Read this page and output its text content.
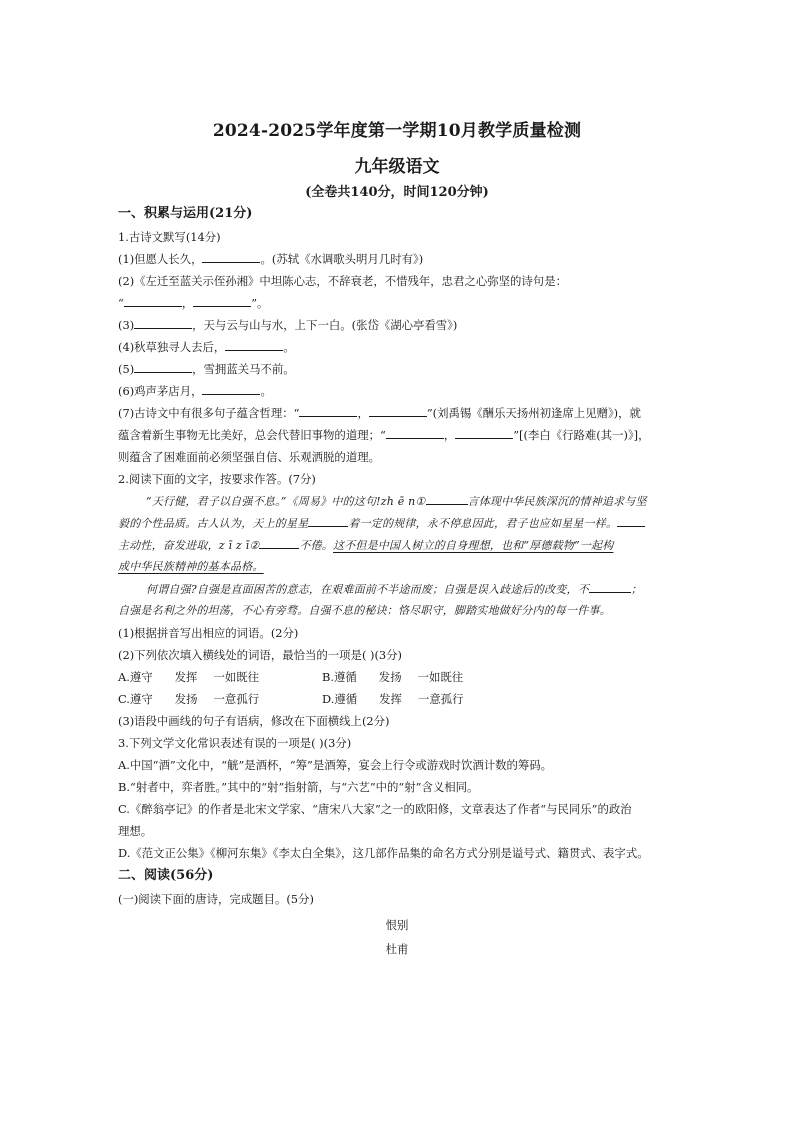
2024-2025学年度第一学期10月教学质量检测
九年级语文
(全卷共140分，时间120分钟)
一、积累与运用(21分)
1.古诗文默写(14分)
(1)但愿人长久，	。(苏轼《水调歌头明月几时有》)
(2)《左迁至蓝关示侄孙湘》中坦陈心志，不辞衰老，不惜残年，忠君之心弥坚的诗句是：
“	，	”。
(3)	，天与云与山与水，上下一白。(张岱《湖心亭看雪》)
(4)秋草独寻人去后，	。
(5)	，雪拥蓝关马不前。
(6)鸡声茅店月，	。
(7)古诗文中有很多句子蕴含哲理：“	，	”(刘禹锡《酬乐天扬州初逢席上见赠》)，就
蕴含着新生事物无比美好，总会代替旧事物的道理；“	，	”[(李白《行路难(其一)》]，
则蕴含了困难面前必须坚强自信、乐观洒脱的道理。
2.阅读下面的文字，按要求作答。(7分)
“天行健，君子以自强不息。”《周易》中的这句!zh ē n①	言体现中华民族深沉的情神追求与坚
毅的个性品质。古人认为，天上的星星	着一定的规律，永不停息因此，君子也应如星星一样。
主动性，奋发进取，z ī z ī②	不倦。这不但是中国人树立的自身理想，也和“厚德载物”一起构
成中华民族精神的基本品格。
何谓自强?自强是直面困苦的意志，在艰难面前不半途而废；自强是误入歧途后的改变，不	；
自强是名利之外的坦荡，不心有旁骛。自强不息的秘诀：恪尽职守，脚踏实地做好分内的每一件事。
(1)根据拼音写出相应的词语。(2分)
(2)下列依次填入横线处的词语，最恰当的一项是( )(3分)
A.遵守 发挥 一如既往	B.遵循 发扬 一如既往
C.遵守 发扬 一意孤行	D.遵循 发挥 一意孤行
(3)语段中画线的句子有语病，修改在下面横线上(2分)
3.下列文学文化常识表述有误的一项是( )(3分)
A.中国“酒”文化中，“觥”是酒杯，“筹”是酒筹，宴会上行令或游戏时饮酒计数的筹码。
B.“射者中，弈者胜。”其中的“射”指射箭，与“六艺”中的“射”含义相同。
C.《醉翁亭记》的作者是北宋文学家、“唐宋八大家”之一的欧阳修，文章表达了作者“与民同乐”的政治
理想。
D.《范文正公集》《柳河东集》《李太白全集》，这几部作品集的命名方式分别是谥号式、籍贯式、表字式。
二、阅读(56分)
(一)阅读下面的唐诗，完成题目。(5分)
恨别
杜甫
